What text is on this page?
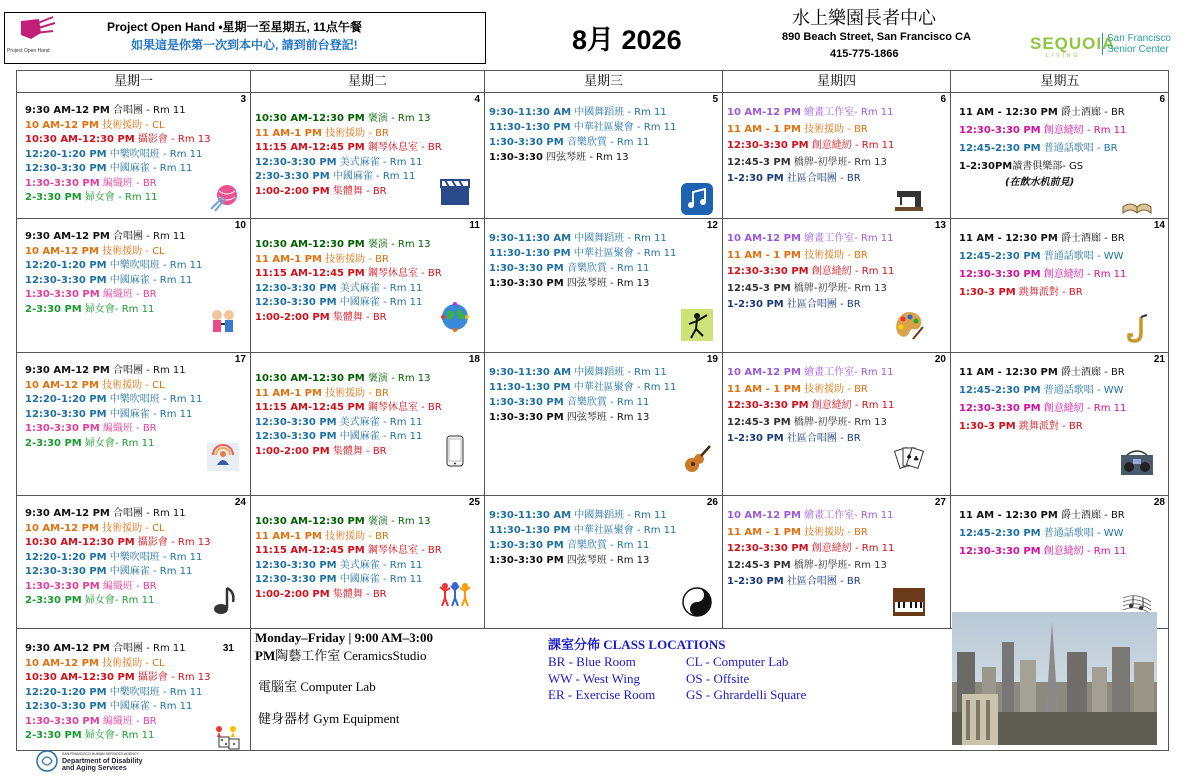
Project Open Hand
Project Open Hand •星期一至星期五, 11点午餐
如果這是你第一次到本中心, 請到前台登記!	8月 2026
水上樂園長者中心
890 Beach Street, San Francisco CA
415-775-1866
SEQUOIA
LIVING
San Francisco
Senior Center
星期一	星期二	星期三	星期四	星期五
3
9:30 AM-12 PM 合唱團 - Rm 11
10 AM-12 PM 技術援助 - CL
10:30 AM-12:30 PM 攝影會 - Rm 13
12:20-1:20 PM 中樂吹唱班 - Rm 11
12:30-3:30 PM 中國麻雀 - Rm 11
1:30-3:30 PM 編織班 - BR
2-3:30 PM 婦女會 - Rm 11
4
10:30 AM-12:30 PM 褒演 - Rm 13
11 AM-1 PM 技術援助 - BR
11:15 AM-12:45 PM 鋼琴休息室 - BR
12:30-3:30 PM 美式麻雀 - Rm 11
2:30-3:30 PM 中國麻雀 - Rm 11
1:00-2:00 PM 集體舞 - BR
5
9:30-11:30 AM 中國舞蹈班 - Rm 11
11:30-1:30 PM 中華社區聚會 - Rm 11
1:30-3:30 PM 音樂欣賞 - Rm 11
1:30-3:30 四弦琴班 - Rm 13
6
10 AM-12 PM 繪畫工作室- Rm 11
11 AM - 1 PM 技術援助 - BR
12:30-3:30 PM 創意縫紉 - Rm 11
12:45-3 PM 橋牌-初學班- Rm 13
1-2:30 PM 社區合唱團 - BR
6
11 AM - 12:30 PM 爵士酒廊 - BR
12:30-3:30 PM 創意縫紉 - Rm 11
12:45-2:30 PM 普通話歌唱 - BR
1-2:30PM讀書俱樂部- GS
(在飲水机前見)
10
9:30 AM-12 PM 合唱團 - Rm 11
10 AM-12 PM 技術援助 - CL
12:20-1:20 PM 中樂吹唱班 - Rm 11
12:30-3:30 PM 中國麻雀 - Rm 11
1:30-3:30 PM 編織班 - BR
2-3:30 PM 婦女會- Rm 11
11
10:30 AM-12:30 PM 褒演 - Rm 13
11 AM-1 PM 技術援助 - BR
11:15 AM-12:45 PM 鋼琴休息室 - BR
12:30-3:30 PM 美式麻雀 - Rm 11
12:30-3:30 PM 中國麻雀 - Rm 11
1:00-2:00 PM 集體舞 - BR
12
9:30-11:30 AM 中國舞蹈班 - Rm 11
11:30-1:30 PM 中華社區聚會 - Rm 11
1:30-3:30 PM 音樂欣賞 - Rm 11
1:30-3:30 PM 四弦琴班 - Rm 13
13
10 AM-12 PM 繪畫工作室- Rm 11
11 AM - 1 PM 技術援助 - BR
12:30-3:30 PM 創意縫紉 - Rm 11
12:45-3 PM 橋牌-初學班- Rm 13
1-2:30 PM 社區合唱團 - BR
14
11 AM - 12:30 PM 爵士酒廊 - BR
12:45-2:30 PM 普通話歌唱 - WW
12:30-3:30 PM 創意縫紉 - Rm 11
1:30-3 PM 跳舞派對 - BR
17
9:30 AM-12 PM 合唱團 - Rm 11
10 AM-12 PM 技術援助 - CL
12:20-1:20 PM 中樂吹唱班 - Rm 11
12:30-3:30 PM 中國麻雀 - Rm 11
1:30-3:30 PM 編織班 - BR
2-3:30 PM 婦女會- Rm 11
18
10:30 AM-12:30 PM 褒演 - Rm 13
11 AM-1 PM 技術援助 - BR
11:15 AM-12:45 PM 鋼琴休息室 - BR
12:30-3:30 PM 美式麻雀 - Rm 11
12:30-3:30 PM 中國麻雀 - Rm 11
1:00-2:00 PM 集體舞 - BR
19
9:30-11:30 AM 中國舞蹈班 - Rm 11
11:30-1:30 PM 中華社區聚會 - Rm 11
1:30-3:30 PM 音樂欣賞 - Rm 11
1:30-3:30 PM 四弦琴班 - Rm 13
20
10 AM-12 PM 繪畫工作室- Rm 11
11 AM - 1 PM 技術援助 - BR
12:30-3:30 PM 創意縫紉 - Rm 11
12:45-3 PM 橋牌-初學班- Rm 13
1-2:30 PM 社區合唱團 - BR
♠ ♣
21
11 AM - 12:30 PM 爵士酒廊 - BR
12:45-2:30 PM 普通話歌唱 - WW
12:30-3:30 PM 創意縫紉 - Rm 11
1:30-3 PM 跳舞派對 - BR
24
9:30 AM-12 PM 合唱團 - Rm 11
10 AM-12 PM 技術援助 - CL
10:30 AM-12:30 PM 攝影會 - Rm 13
12:20-1:20 PM 中樂吹唱班 - Rm 11
12:30-3:30 PM 中國麻雀 - Rm 11
1:30-3:30 PM 編織班 - BR
2-3:30 PM 婦女會- Rm 11
25
10:30 AM-12:30 PM 褒演 - Rm 13
11 AM-1 PM 技術援助 - BR
11:15 AM-12:45 PM 鋼琴休息室 - BR
12:30-3:30 PM 美式麻雀 - Rm 11
12:30-3:30 PM 中國麻雀 - Rm 11
1:00-2:00 PM 集體舞 - BR
26
9:30-11:30 AM 中國舞蹈班 - Rm 11
11:30-1:30 PM 中華社區聚會 - Rm 11
1:30-3:30 PM 音樂欣賞 - Rm 11
1:30-3:30 PM 四弦琴班 - Rm 13
27
10 AM-12 PM 繪畫工作室- Rm 11
11 AM - 1 PM 技術援助 - BR
12:30-3:30 PM 創意縫紉 - Rm 11
12:45-3 PM 橋牌-初學班- Rm 13
1-2:30 PM 社區合唱團 - BR
28
11 AM - 12:30 PM 爵士酒廊 - BR
12:45-2:30 PM 普通話歌唱 - WW
12:30-3:30 PM 創意縫紉 - Rm 11
31
9:30 AM-12 PM 合唱團 - Rm 11
10 AM-12 PM 技術援助 - CL
10:30 AM-12:30 PM 攝影會 - Rm 13
12:20-1:20 PM 中樂吹唱班 - Rm 11
12:30-3:30 PM 中國麻雀 - Rm 11
1:30-3:30 PM 編織班 - BR
2-3:30 PM 婦女會- Rm 11
Monday–Friday | 9:00 AM–3:00
PM陶藝工作室 CeramicsStudio
電腦室 Computer Lab
健身器材 Gym Equipment
課室分佈 CLASS LOCATIONS
BR - Blue Room
WW - West Wing
ER - Exercise Room
CL - Computer Lab
OS - Offsite
GS - Ghrardelli Square
SAN FRANCISCO HUMAN SERVICES AGENCY
Department of Disability
and Aging Services
